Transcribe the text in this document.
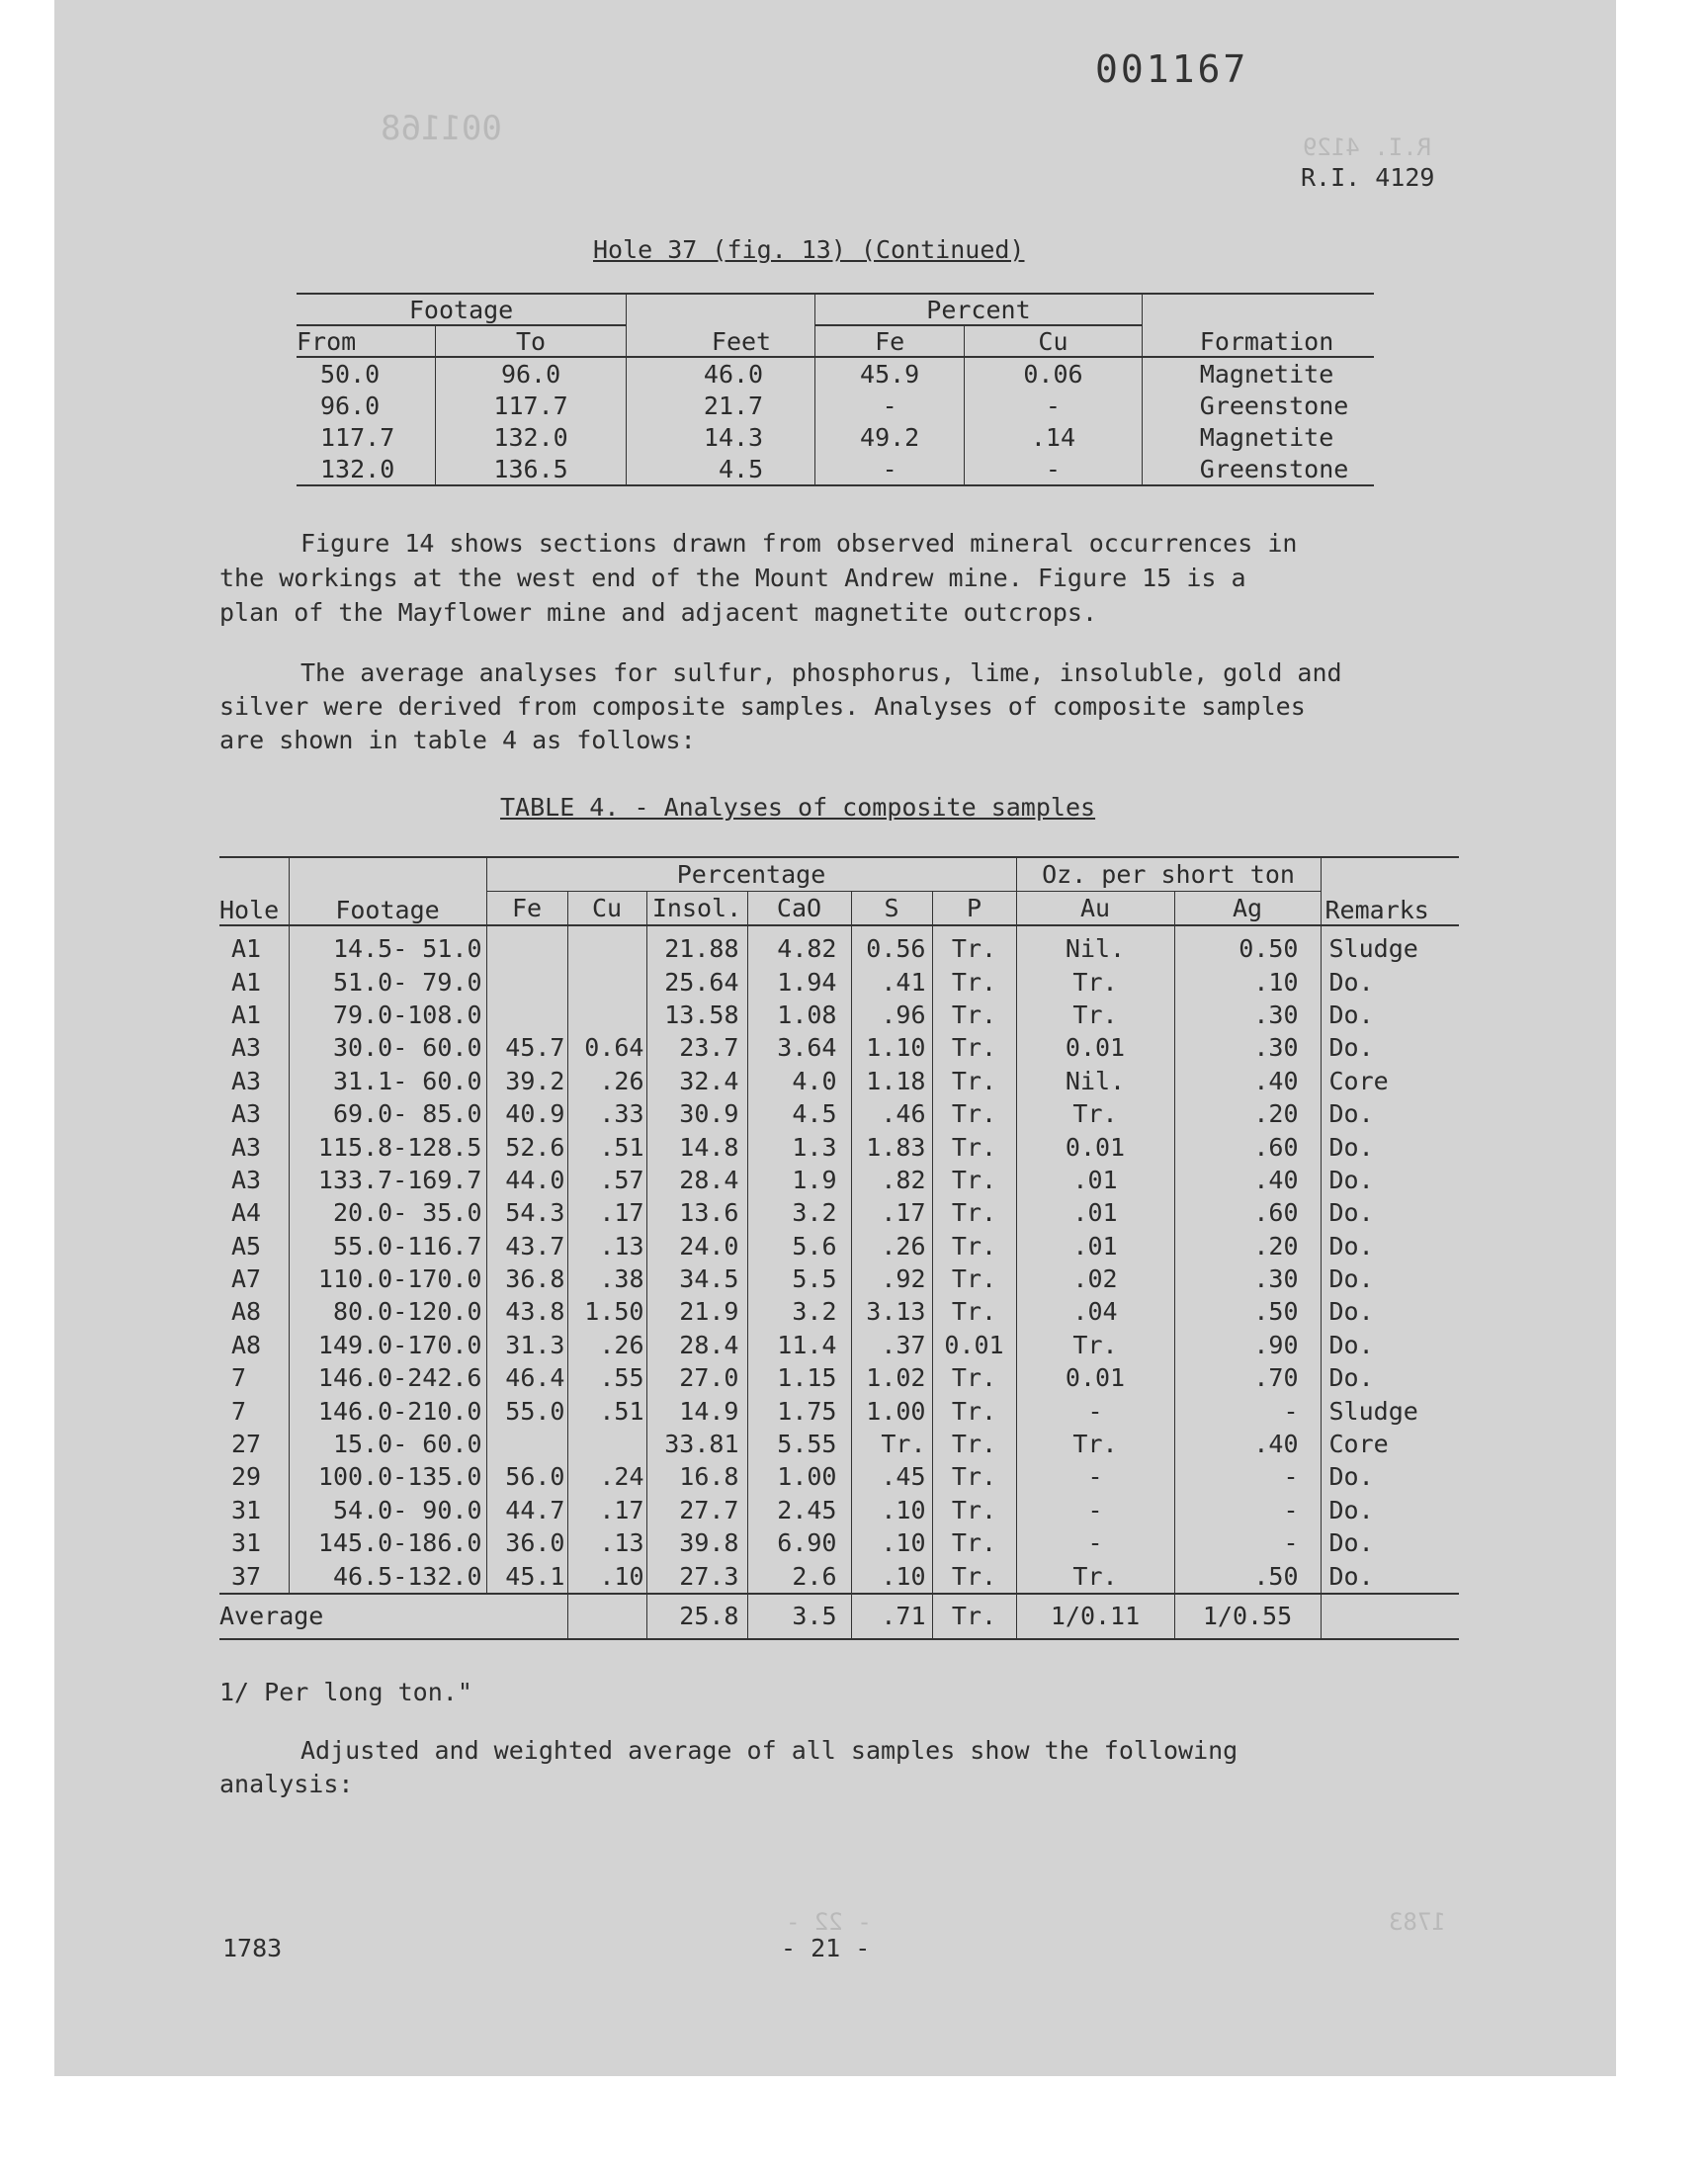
001168	R.I. 4129
- 22 -	1783
001167
R.I. 4129
Hole 37 (fig. 13) (Continued)
Footage		Feet	Percent		Formation
From	To		Fe	Cu	
50.0	96.0	46.0	45.9	0.06	Magnetite
96.0	117.7	21.7	-	-	Greenstone
117.7	132.0	14.3	49.2	.14	Magnetite
132.0	136.5	4.5	-	-	Greenstone
Figure 14 shows sections drawn from observed mineral occurrences in
the workings at the west end of the Mount Andrew mine. Figure 15 is a
plan of the Mayflower mine and adjacent magnetite outcrops.
The average analyses for sulfur, phosphorus, lime, insoluble, gold and
silver were derived from composite samples. Analyses of composite samples
are shown in table 4 as follows:
TABLE 4. - Analyses of composite samples
Hole	Footage	Percentage						Oz. per short ton		Remarks
		Fe	Cu	Insol.	CaO	S	P	Au	Ag	
A1	14.5- 51.0			21.88	4.82	0.56	Tr.	Nil.	0.50	Sludge
A1	51.0- 79.0			25.64	1.94	.41	Tr.	Tr.	.10	Do.
A1	79.0-108.0			13.58	1.08	.96	Tr.	Tr.	.30	Do.
A3	30.0- 60.0	45.7	0.64	23.7	3.64	1.10	Tr.	0.01	.30	Do.
A3	31.1- 60.0	39.2	.26	32.4	4.0	1.18	Tr.	Nil.	.40	Core
A3	69.0- 85.0	40.9	.33	30.9	4.5	.46	Tr.	Tr.	.20	Do.
A3	115.8-128.5	52.6	.51	14.8	1.3	1.83	Tr.	0.01	.60	Do.
A3	133.7-169.7	44.0	.57	28.4	1.9	.82	Tr.	.01	.40	Do.
A4	20.0- 35.0	54.3	.17	13.6	3.2	.17	Tr.	.01	.60	Do.
A5	55.0-116.7	43.7	.13	24.0	5.6	.26	Tr.	.01	.20	Do.
A7	110.0-170.0	36.8	.38	34.5	5.5	.92	Tr.	.02	.30	Do.
A8	80.0-120.0	43.8	1.50	21.9	3.2	3.13	Tr.	.04	.50	Do.
A8	149.0-170.0	31.3	.26	28.4	11.4	.37	0.01	Tr.	.90	Do.
7	146.0-242.6	46.4	.55	27.0	1.15	1.02	Tr.	0.01	.70	Do.
7	146.0-210.0	55.0	.51	14.9	1.75	1.00	Tr.	-	-	Sludge
27	15.0- 60.0			33.81	5.55	Tr.	Tr.	Tr.	.40	Core
29	100.0-135.0	56.0	.24	16.8	1.00	.45	Tr.	-	-	Do.
31	54.0- 90.0	44.7	.17	27.7	2.45	.10	Tr.	-	-	Do.
31	145.0-186.0	36.0	.13	39.8	6.90	.10	Tr.	-	-	Do.
37	46.5-132.0	45.1	.10	27.3	2.6	.10	Tr.	Tr.	.50	Do.
Average				25.8	3.5	.71	Tr.	1/0.11	1/0.55	
1/ Per long ton."
Adjusted and weighted average of all samples show the following
analysis:
1783	- 21 -
